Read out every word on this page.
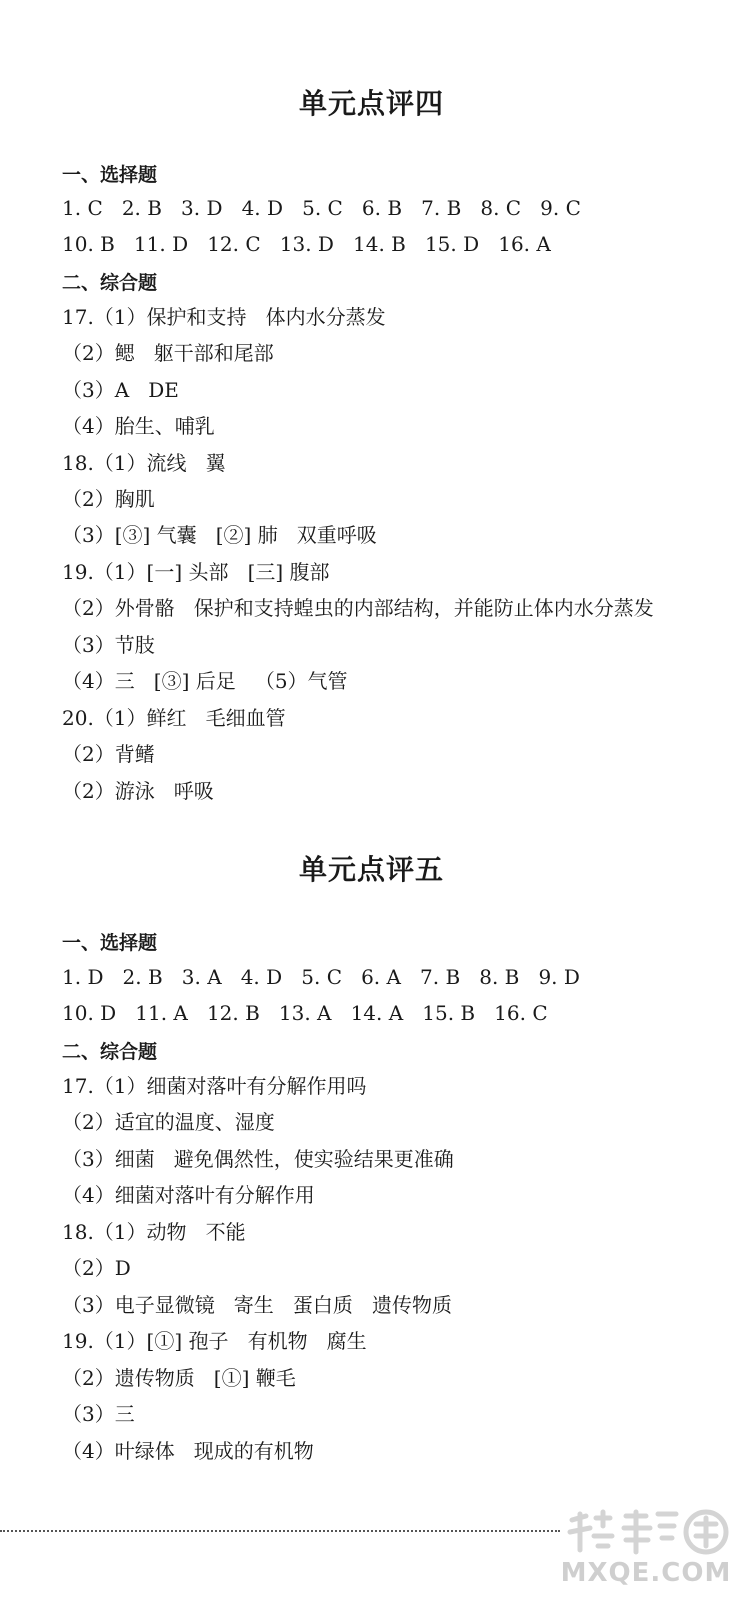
单元点评四
一、选择题

1. C   2. B   3. D   4. D   5. C   6. B   7. B   8. C   9. C

10. B   11. D   12. C   13. D   14. B   15. D   16. A

二、综合题

17.（1）保护和支持   体内水分蒸发

（2）鳃   躯干部和尾部

（3）A   DE

（4）胎生、哺乳

18.（1）流线   翼

（2）胸肌

（3）[③] 气囊   [②] 肺   双重呼吸

19.（1）[一] 头部   [三] 腹部

（2）外骨骼   保护和支持蝗虫的内部结构，并能防止体内水分蒸发

（3）节肢

（4）三   [③] 后足   （5）气管

20.（1）鲜红   毛细血管

（2）背鳍

（2）游泳   呼吸

单元点评五
一、选择题

1. D   2. B   3. A   4. D   5. C   6. A   7. B   8. B   9. D

10. D   11. A   12. B   13. A   14. A   15. B   16. C

二、综合题

17.（1）细菌对落叶有分解作用吗

（2）适宜的温度、湿度

（3）细菌   避免偶然性，使实验结果更准确

（4）细菌对落叶有分解作用

18.（1）动物   不能

（2）D

（3）电子显微镜   寄生   蛋白质   遗传物质

19.（1）[①] 孢子   有机物   腐生

（2）遗传物质   [①] 鞭毛

（3）三

（4）叶绿体   现成的有机物

MXQE.COM
